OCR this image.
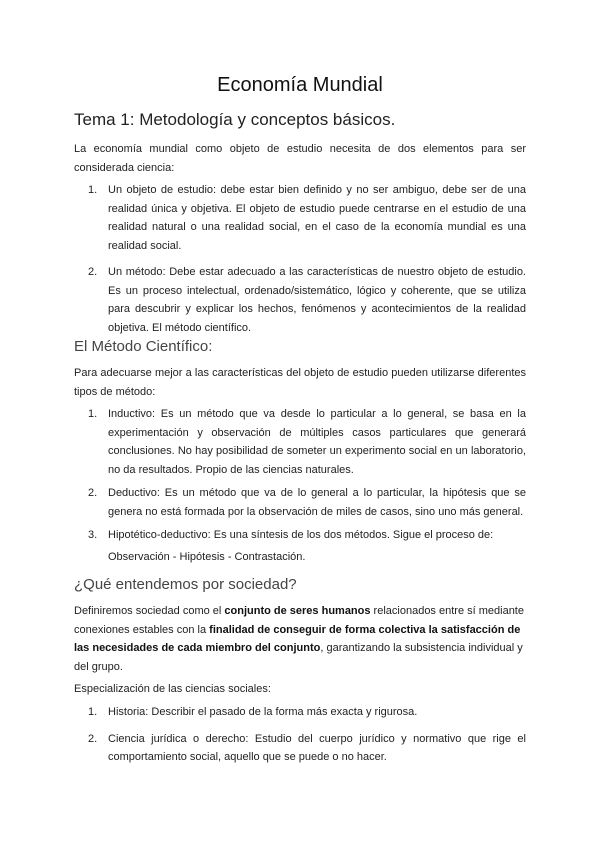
Economía Mundial
Tema 1: Metodología y conceptos básicos.
La economía mundial como objeto de estudio necesita de dos elementos para ser considerada ciencia:
1. Un objeto de estudio: debe estar bien definido y no ser ambiguo, debe ser de una realidad única y objetiva. El objeto de estudio puede centrarse en el estudio de una realidad natural o una realidad social, en el caso de la economía mundial es una realidad social.
2. Un método: Debe estar adecuado a las características de nuestro objeto de estudio. Es un proceso intelectual, ordenado/sistemático, lógico y coherente, que se utiliza para descubrir y explicar los hechos, fenómenos y acontecimientos de la realidad objetiva. El método científico.
El Método Científico:
Para adecuarse mejor a las características del objeto de estudio pueden utilizarse diferentes tipos de método:
1. Inductivo: Es un método que va desde lo particular a lo general, se basa en la experimentación y observación de múltiples casos particulares que generará conclusiones. No hay posibilidad de someter un experimento social en un laboratorio, no da resultados. Propio de las ciencias naturales.
2. Deductivo: Es un método que va de lo general a lo particular, la hipótesis que se genera no está formada por la observación de miles de casos, sino uno más general.
3. Hipotético-deductivo: Es una síntesis de los dos métodos. Sigue el proceso de:
Observación - Hipótesis - Contrastación.
¿Qué entendemos por sociedad?
Definiremos sociedad como el conjunto de seres humanos relacionados entre sí mediante conexiones estables con la finalidad de conseguir de forma colectiva la satisfacción de las necesidades de cada miembro del conjunto, garantizando la subsistencia individual y del grupo.
Especialización de las ciencias sociales:
1. Historia: Describir el pasado de la forma más exacta y rigurosa.
2. Ciencia jurídica o derecho: Estudio del cuerpo jurídico y normativo que rige el comportamiento social, aquello que se puede o no hacer.
